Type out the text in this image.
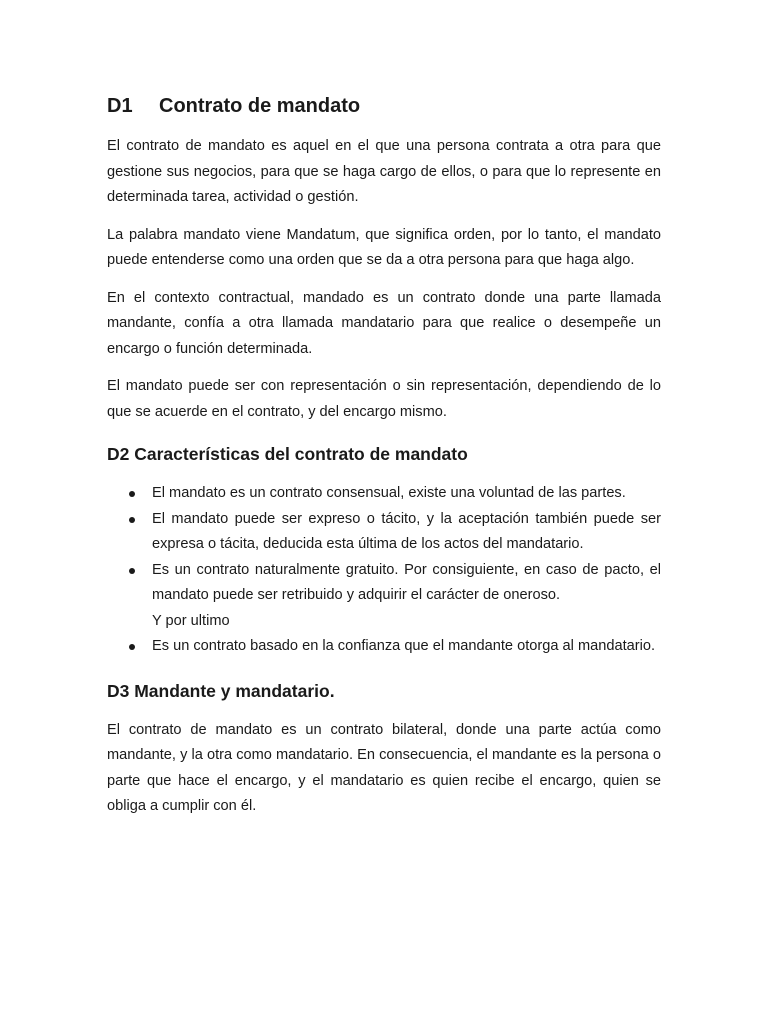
D1	Contrato de mandato

El contrato de mandato es aquel en el que una persona contrata a otra para que gestione sus negocios, para que se haga cargo de ellos, o para que lo represente en determinada tarea, actividad o gestión.

La palabra mandato viene Mandatum, que significa orden, por lo tanto, el mandato puede entenderse como una orden que se da a otra persona para que haga algo.

En el contexto contractual, mandado es un contrato donde una parte llamada mandante, confía a otra llamada mandatario para que realice o desempeñe un encargo o función determinada.

El mandato puede ser con representación o sin representación, dependiendo de lo que se acuerde en el contrato, y del encargo mismo.

D2 Características del contrato de mandato
El mandato es un contrato consensual, existe una voluntad de las partes.
El mandato puede ser expreso o tácito, y la aceptación también puede ser expresa o tácita, deducida esta última de los actos del mandatario.
Es un contrato naturalmente gratuito. Por consiguiente, en caso de pacto, el mandato puede ser retribuido y adquirir el carácter de oneroso.
Y por ultimo
Es un contrato basado en la confianza que el mandante otorga al mandatario.
D3 Mandante y mandatario.

El contrato de mandato es un contrato bilateral, donde una parte actúa como mandante, y la otra como mandatario. En consecuencia, el mandante es la persona o parte que hace el encargo, y el mandatario es quien recibe el encargo, quien se obliga a cumplir con él.
